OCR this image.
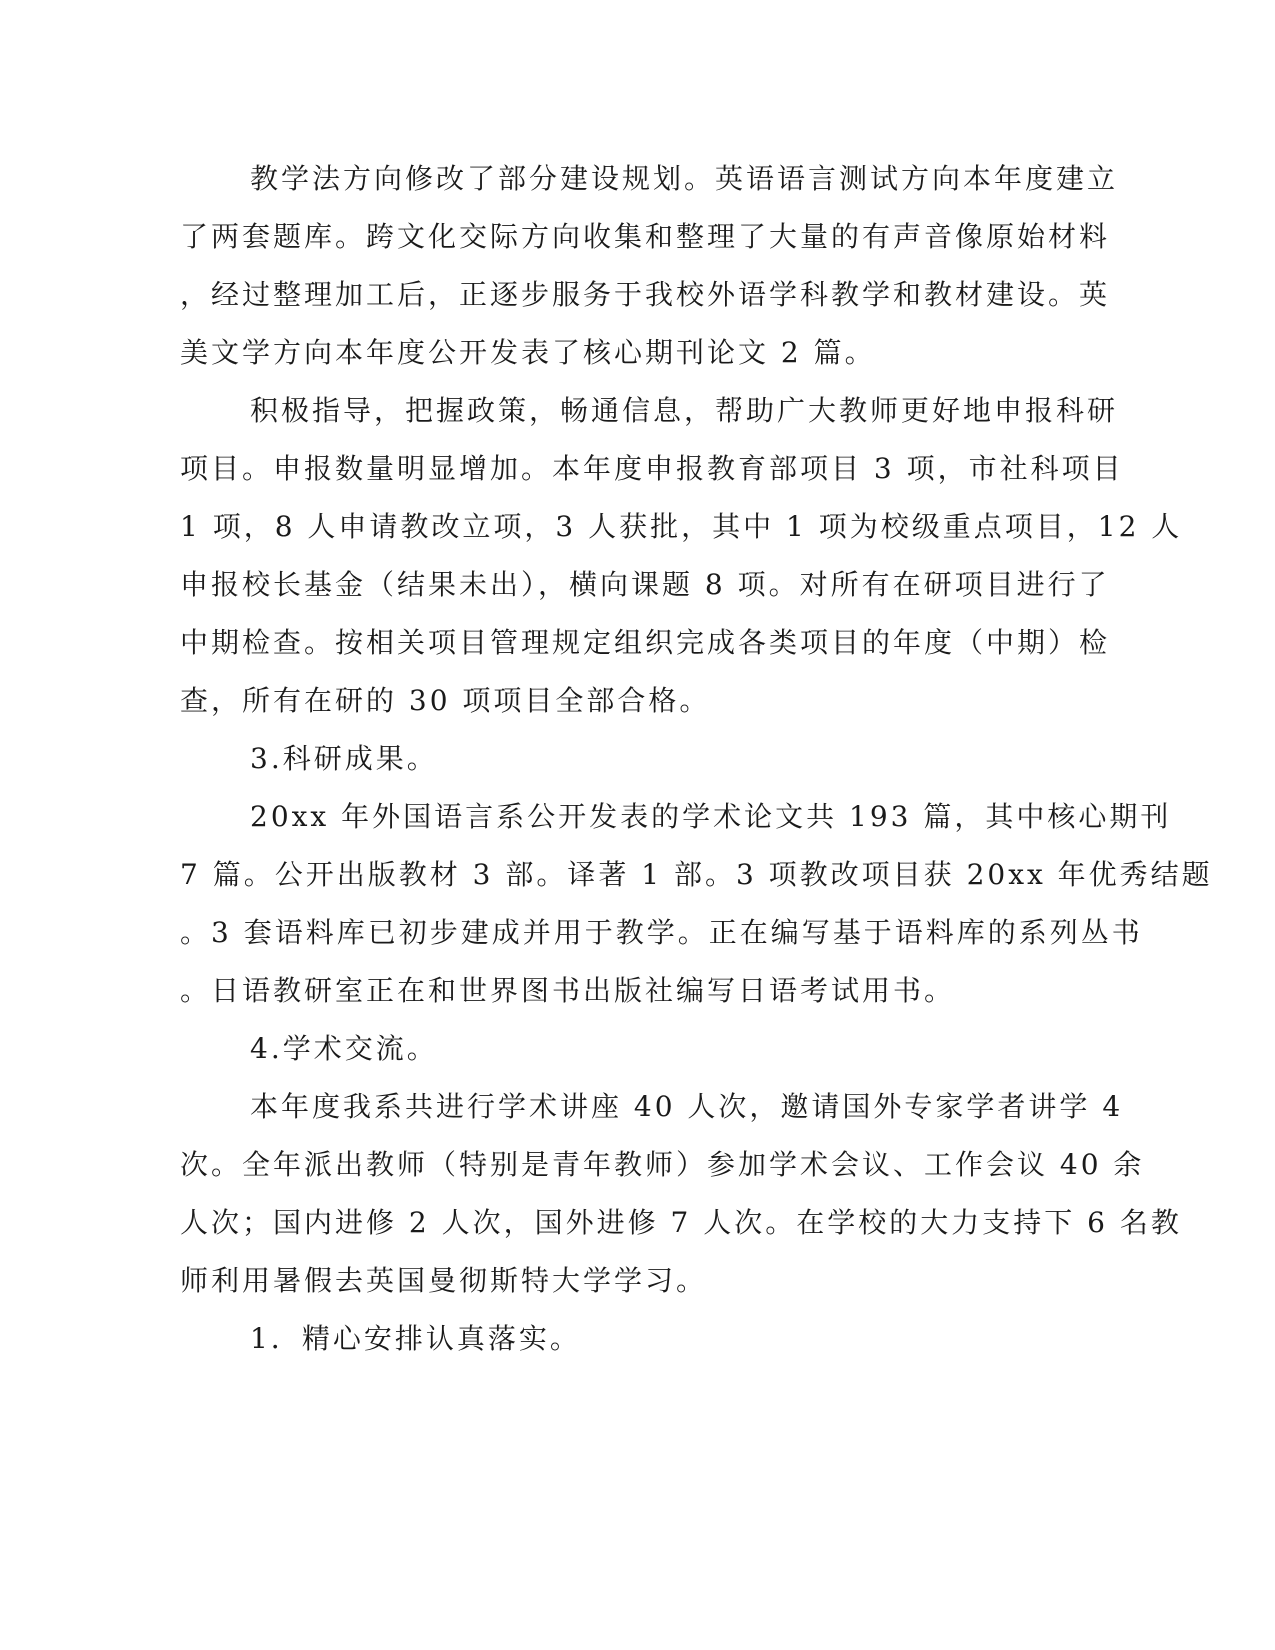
教学法方向修改了部分建设规划。英语语言测试方向本年度建立
了两套题库。跨文化交际方向收集和整理了大量的有声音像原始材料
，经过整理加工后，正逐步服务于我校外语学科教学和教材建设。英
美文学方向本年度公开发表了核心期刊论文 2 篇。
积极指导，把握政策，畅通信息，帮助广大教师更好地申报科研
项目。申报数量明显增加。本年度申报教育部项目 3 项，市社科项目
1 项，8 人申请教改立项，3 人获批，其中 1 项为校级重点项目，12 人
申报校长基金（结果未出），横向课题 8 项。对所有在研项目进行了
中期检查。按相关项目管理规定组织完成各类项目的年度（中期）检
查，所有在研的 30 项项目全部合格。
3.科研成果。
20xx 年外国语言系公开发表的学术论文共 193 篇，其中核心期刊
7 篇。公开出版教材 3 部。译著 1 部。3 项教改项目获 20xx 年优秀结题
。3 套语料库已初步建成并用于教学。正在编写基于语料库的系列丛书
。日语教研室正在和世界图书出版社编写日语考试用书。
4.学术交流。
本年度我系共进行学术讲座 40 人次，邀请国外专家学者讲学 4
次。全年派出教师（特别是青年教师）参加学术会议、工作会议 40 余
人次；国内进修 2 人次，国外进修 7 人次。在学校的大力支持下 6 名教
师利用暑假去英国曼彻斯特大学学习。
1．精心安排认真落实。
